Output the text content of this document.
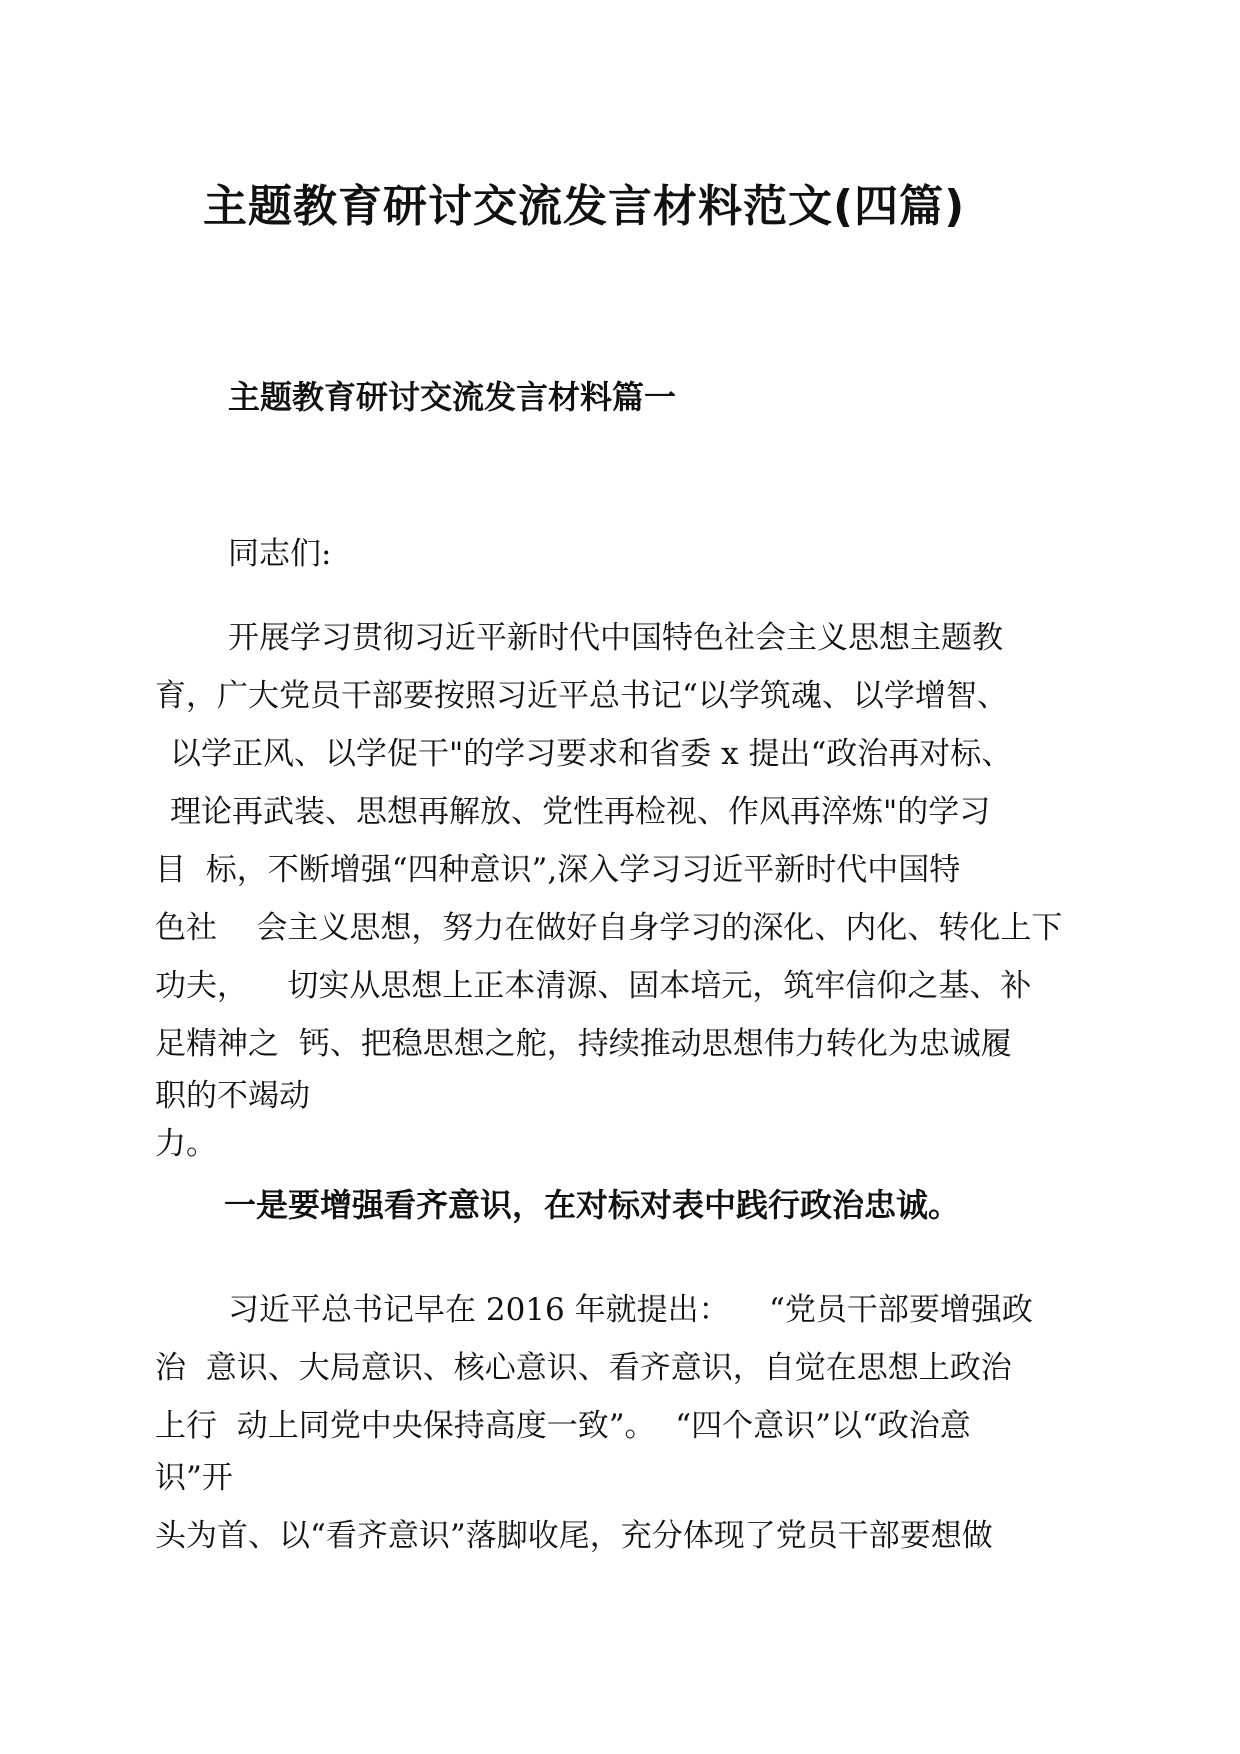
主题教育研讨交流发言材料范文(四篇)
主题教育研讨交流发言材料篇一
同志们:
开展学习贯彻习近平新时代中国特色社会主义思想主题教
育，广大党员干部要按照习近平总书记“以学筑魂、以学增智、
以学正风、以学促干"的学习要求和省委 x 提出“政治再对标、
理论再武装、思想再解放、党性再检视、作风再淬炼"的学习
目  标，不断增强“四种意识”,深入学习习近平新时代中国特
色社    会主义思想，努力在做好自身学习的深化、内化、转化上下
功夫，    切实从思想上正本清源、固本培元，筑牢信仰之基、补
足精神之  钙、把稳思想之舵，持续推动思想伟力转化为忠诚履
职的不竭动
力。
一是要增强看齐意识，在对标对表中践行政治忠诚。
习近平总书记早在 2016 年就提出：    “党员干部要增强政
治  意识、大局意识、核心意识、看齐意识，自觉在思想上政治
上行  动上同党中央保持高度一致”。  “四个意识”以“政治意
识”开
头为首、以“看齐意识”落脚收尾，充分体现了党员干部要想做
